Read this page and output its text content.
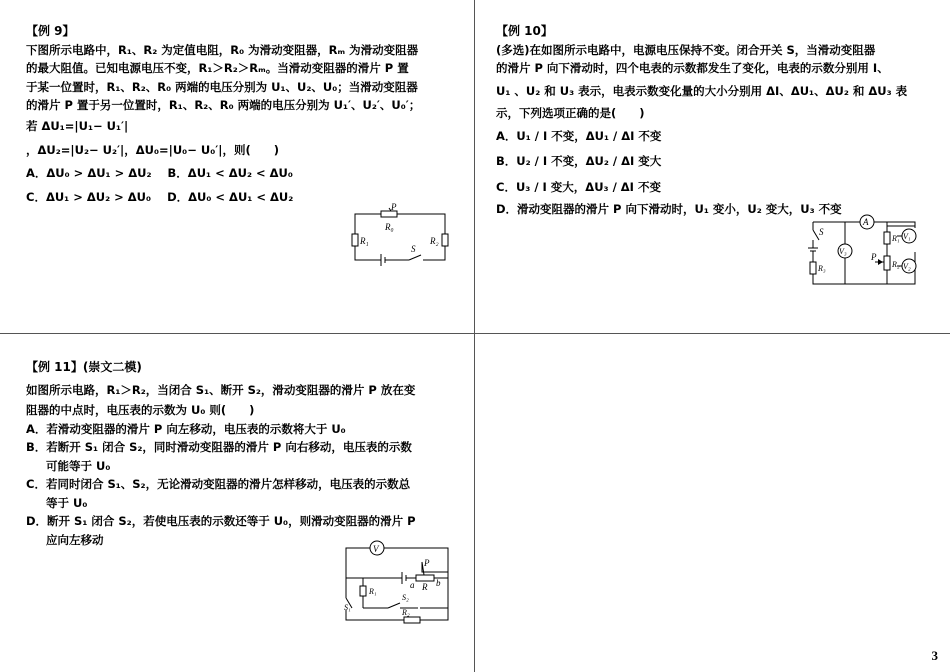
3

【例 9】

下图所示电路中，R₁、R₂ 为定值电阻，R₀ 为滑动变阻器，Rₘ 为滑动变阻器

的最大阻值。已知电源电压不变，R₁＞R₂＞Rₘ。当滑动变阻器的滑片 P 置

于某一位置时，R₁、R₂、R₀ 两端的电压分别为 U₁、U₂、U₀；当滑动变阻器

的滑片 P 置于另一位置时，R₁、R₂、R₀ 两端的电压分别为 U₁′、U₂′、U₀′；

若 ΔU₁=|U₁− U₁′|

，ΔU₂=|U₂− U₂′|，ΔU₀=|U₀− U₀′|，则(　　)

A．ΔU₀ > ΔU₁ > ΔU₂ B．ΔU₁ < ΔU₂ < ΔU₀

C．ΔU₁ > ΔU₂ > ΔU₀ D．ΔU₀ < ΔU₁ < ΔU₂

P
R₀
R₁	R₂
S

【例 10】

(多选)在如图所示电路中，电源电压保持不变。闭合开关 S，当滑动变阻器

的滑片 P 向下滑动时，四个电表的示数都发生了变化，电表的示数分别用 I、

U₁ 、U₂ 和 U₃ 表示，电表示数变化量的大小分别用 ΔI、ΔU₁、ΔU₂ 和 ΔU₃ 表

示，下列选项正确的是(　　)

A．U₁ / I 不变，ΔU₁ / ΔI 不变

B．U₂ / I 不变，ΔU₂ / ΔI 变大

C．U₃ / I 变大，ΔU₃ / ΔI 不变

D．滑动变阻器的滑片 P 向下滑动时，U₁ 变小，U₂ 变大，U₃ 不变

A
V₃
V₁
V₂
S
R₁
R₂
R₃
P

【例 11】(崇文二模)

如图所示电路，R₁＞R₂，当闭合 S₁、断开 S₂，滑动变阻器的滑片 P 放在变

阻器的中点时，电压表的示数为 U₀ 则(　　)

A．若滑动变阻器的滑片 P 向左移动，电压表的示数将大于 U₀

B．若断开 S₁ 闭合 S₂，同时滑动变阻器的滑片 P 向右移动，电压表的示数

可能等于 U₀

C．若同时闭合 S₁、S₂，无论滑动变阻器的滑片怎样移动，电压表的示数总

等于 U₀

D．断开 S₁ 闭合 S₂，若使电压表的示数还等于 U₀，则滑动变阻器的滑片 P

应向左移动

V
P
a b
R
R₁
R₂
S₁
S₂
